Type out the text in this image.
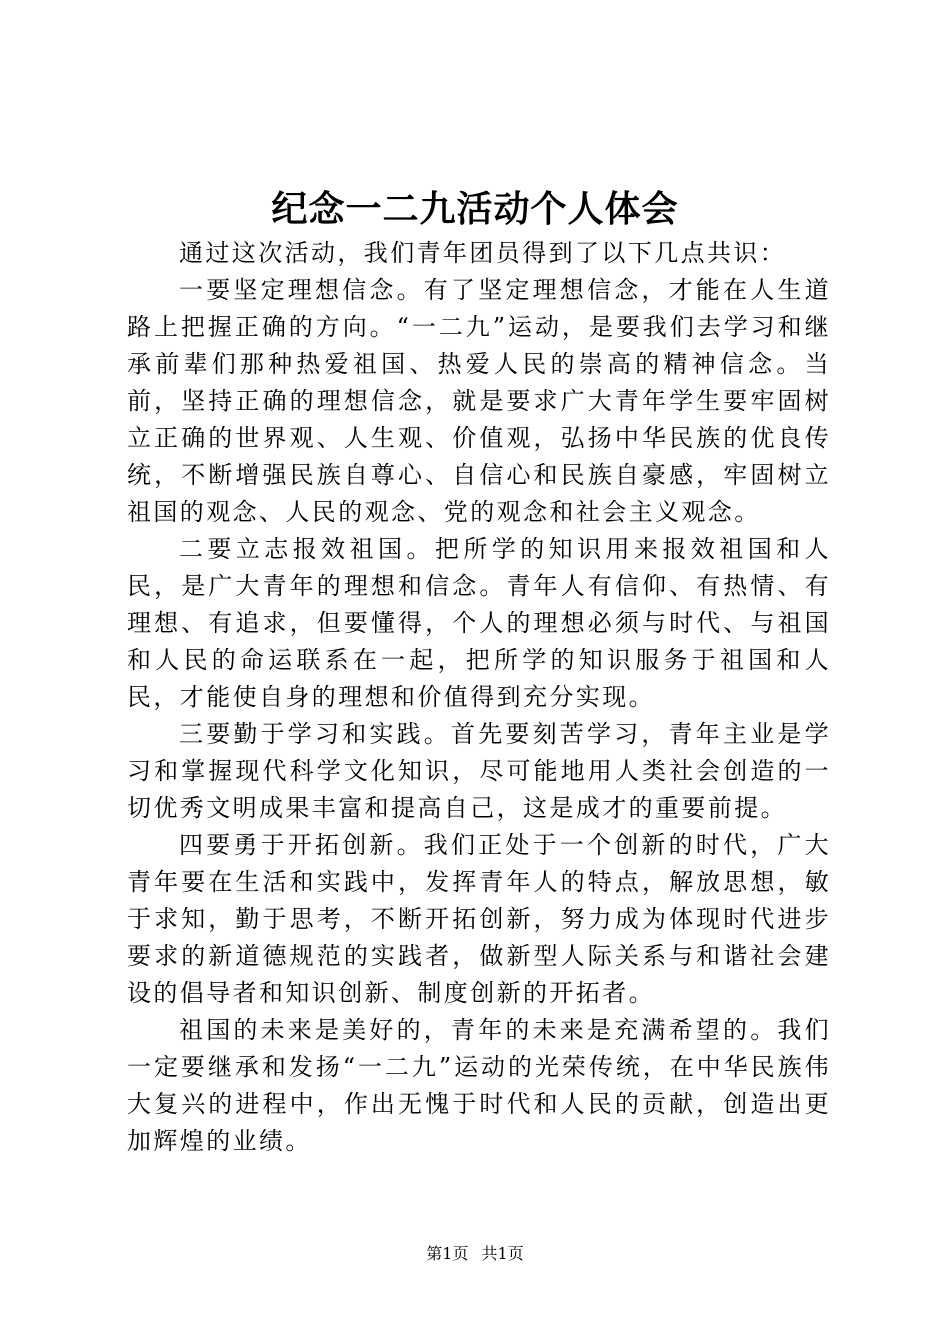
纪念一二九活动个人体会

通过这次活动，我们青年团员得到了以下几点共识：

一要坚定理想信念。有了坚定理想信念，才能在人生道路上把握正确的方向。“一二九”运动，是要我们去学习和继承前辈们那种热爱祖国、热爱人民的崇高的精神信念。当前，坚持正确的理想信念，就是要求广大青年学生要牢固树立正确的世界观、人生观、价值观，弘扬中华民族的优良传统，不断增强民族自尊心、自信心和民族自豪感，牢固树立祖国的观念、人民的观念、党的观念和社会主义观念。

二要立志报效祖国。把所学的知识用来报效祖国和人民，是广大青年的理想和信念。青年人有信仰、有热情、有理想、有追求，但要懂得，个人的理想必须与时代、与祖国和人民的命运联系在一起，把所学的知识服务于祖国和人民，才能使自身的理想和价值得到充分实现。

三要勤于学习和实践。首先要刻苦学习，青年主业是学习和掌握现代科学文化知识，尽可能地用人类社会创造的一切优秀文明成果丰富和提高自己，这是成才的重要前提。

四要勇于开拓创新。我们正处于一个创新的时代，广大青年要在生活和实践中，发挥青年人的特点，解放思想，敏于求知，勤于思考，不断开拓创新，努力成为体现时代进步要求的新道德规范的实践者，做新型人际关系与和谐社会建设的倡导者和知识创新、制度创新的开拓者。

祖国的未来是美好的，青年的未来是充满希望的。我们一定要继承和发扬“一二九”运动的光荣传统，在中华民族伟大复兴的进程中，作出无愧于时代和人民的贡献，创造出更加辉煌的业绩。

第1页 共1页
